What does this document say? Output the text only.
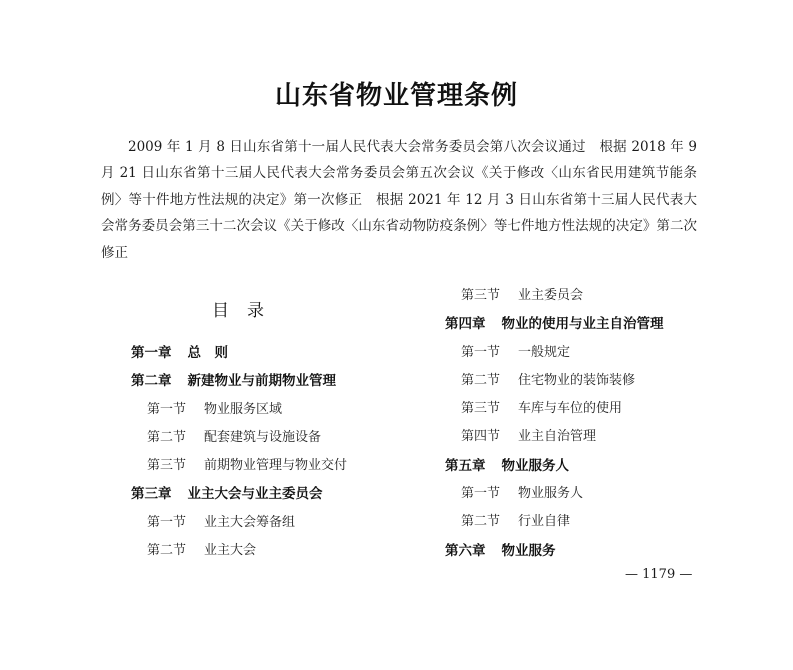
山东省物业管理条例

2009 年 1 月 8 日山东省第十一届人民代表大会常务委员会第八次会议通过　根据 2018 年 9 月 21 日山东省第十三届人民代表大会常务委员会第五次会议《关于修改〈山东省民用建筑节能条例〉等十件地方性法规的决定》第一次修正　根据 2021 年 12 月 3 日山东省第十三届人民代表大会常务委员会第三十二次会议《关于修改〈山东省动物防疫条例〉等七件地方性法规的决定》第二次修正

目录
第一章 总　则
第二章 新建物业与前期物业管理
第一节 物业服务区域
第二节 配套建筑与设施设备
第三节 前期物业管理与物业交付
第三章 业主大会与业主委员会
第一节 业主大会筹备组
第二节 业主大会
第三节 业主委员会
第四章 物业的使用与业主自治管理
第一节 一般规定
第二节 住宅物业的装饰装修
第三节 车库与车位的使用
第四节 业主自治管理
第五章 物业服务人
第一节 物业服务人
第二节 行业自律
第六章 物业服务
— 1179 —
